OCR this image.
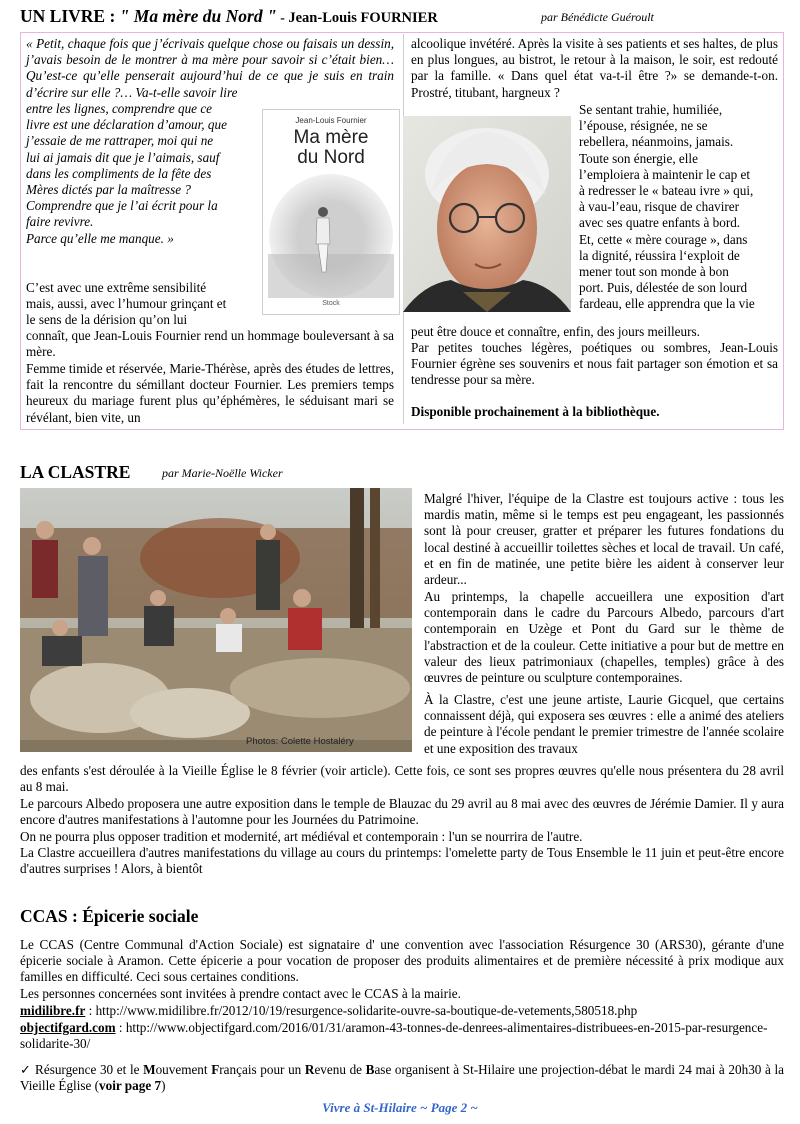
UN LIVRE : " Ma mère du Nord " - Jean-Louis FOURNIER	par Bénédicte Guéroult
« Petit, chaque fois que j’écrivais quelque chose ou faisais un dessin, j’avais besoin de le montrer à ma mère pour savoir si c’était bien… Qu’est-ce qu’elle penserait aujourd’hui de ce que je suis en train d’écrire sur elle ?… Va-t-elle savoir lire
entre les lignes, comprendre que ce
livre est une déclaration d’amour, que
j’essaie de me rattraper, moi qui ne
lui ai jamais dit que je l’aimais, sauf
dans les compliments de la fête des
Mères dictés par la maîtresse ?
Comprendre que je l’ai écrit pour la
faire revivre.
Parce qu’elle me manque. »
C’est avec une extrême sensibilité
mais, aussi, avec l’humour grinçant et
le sens de la dérision qu’on lui
connaît, que Jean-Louis Fournier rend un hommage bouleversant à sa mère.
Femme timide et réservée, Marie-Thérèse, après des études de lettres, fait la rencontre du sémillant docteur Fournier. Les premiers temps heureux du mariage furent plus qu’éphémères, le séduisant mari se révélant, bien vite, un
Jean-Louis Fournier
Ma mère
du Nord
Stock
alcoolique invétéré. Après la visite à ses patients et ses haltes, de plus en plus longues, au bistrot, le retour à la maison, le soir, est redouté par la famille. « Dans quel état va-t-il être ?» se demande-t-on. Prostré, titubant, hargneux ?
Se sentant trahie, humiliée,
l’épouse, résignée, ne se
rebellera, néanmoins, jamais.
Toute son énergie, elle
l’emploiera à maintenir le cap et
à redresser le « bateau ivre » qui,
à vau-l’eau, risque de chavirer
avec ses quatre enfants à bord.
Et, cette « mère courage », dans
la dignité, réussira l‘exploit de
mener tout son monde à bon
port. Puis, délestée de son lourd
fardeau, elle apprendra que la vie
peut être douce et connaître, enfin, des jours meilleurs.
Par petites touches légères, poétiques ou sombres, Jean-Louis Fournier égrène ses souvenirs et nous fait partager son émotion et sa tendresse pour sa mère.
Disponible prochainement à la bibliothèque.
LA CLASTRE	par Marie-Noëlle Wicker
Photos: Colette Hostaléry
Malgré l'hiver, l'équipe de la Clastre est toujours active : tous les mardis matin, même si le temps est peu engageant, les passionnés sont là pour creuser, gratter et préparer les futures fondations du local destiné à accueillir toilettes sèches et local de travail. Un café, et en fin de matinée, une petite bière les aident à conserver leur ardeur...
Au printemps, la chapelle accueillera une exposition d'art contemporain dans le cadre du Parcours Albedo, parcours d'art contemporain en Uzège et Pont du Gard sur le thème de l'abstraction et de la couleur. Cette initiative a pour but de mettre en valeur des lieux patrimoniaux (chapelles, temples) grâce à des œuvres de peinture ou sculpture contemporaines.
À la Clastre, c'est une jeune artiste, Laurie Gicquel, que certains connaissent déjà, qui exposera ses œuvres : elle a animé des ateliers de peinture à l'école pendant le premier trimestre de l'année scolaire et une exposition des travaux
des enfants s'est déroulée à la Vieille Église le 8 février (voir article). Cette fois, ce sont ses propres œuvres qu'elle nous présentera du 28 avril au 8 mai.
Le parcours Albedo proposera une autre exposition dans le temple de Blauzac du 29 avril au 8 mai avec des œuvres de Jérémie Damier. Il y aura encore d'autres manifestations à l'automne pour les Journées du Patrimoine.
On ne pourra plus opposer tradition et modernité, art médiéval et contemporain : l'un se nourrira de l'autre.
La Clastre accueillera d'autres manifestations du village au cours du printemps: l'omelette party de Tous Ensemble le 11 juin et peut-être encore d'autres surprises ! Alors, à bientôt
CCAS : Épicerie sociale
Le CCAS (Centre Communal d'Action Sociale) est signataire d' une convention avec l'association Résurgence 30 (ARS30), gérante d'une épicerie sociale à Aramon. Cette épicerie a pour vocation de proposer des produits alimentaires et de première nécessité à prix modique aux familles en difficulté. Ceci sous certaines conditions.
Les personnes concernées sont invitées à prendre contact avec le CCAS à la mairie.
midilibre.fr : http://www.midilibre.fr/2012/10/19/resurgence-solidarite-ouvre-sa-boutique-de-vetements,580518.php
objectifgard.com : http://www.objectifgard.com/2016/01/31/aramon-43-tonnes-de-denrees-alimentaires-distribuees-en-2015-par-resurgence-solidarite-30/
✓ Résurgence 30 et le Mouvement Français pour un Revenu de Base organisent à St-Hilaire une projection-débat le mardi 24 mai à 20h30 à la Vieille Église (voir page 7)
Vivre à St-Hilaire ~ Page 2 ~
